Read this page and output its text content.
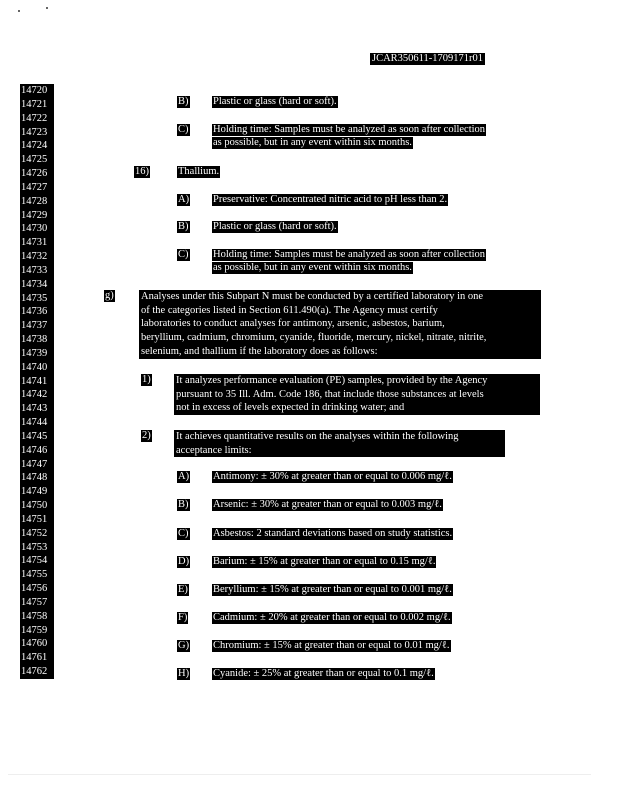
JCAR350611-1709171r01
14720
14721
14722
14723
14724
14725
14726
14727
14728
14729
14730
14731
14732
14733
14734
14735
14736
14737
14738
14739
14740
14741
14742
14743
14744
14745
14746
14747
14748
14749
14750
14751
14752
14753
14754
14755
14756
14757
14758
14759
14760
14761
14762
B) Plastic or glass (hard or soft).
C) Holding time: Samples must be analyzed as soon after collection
as possible, but in any event within six months.
16)	Thallium.
A) Preservative: Concentrated nitric acid to pH less than 2.
B) Plastic or glass (hard or soft).
C) Holding time: Samples must be analyzed as soon after collection
as possible, but in any event within six months.
g)	Analyses under this Subpart N must be conducted by a certified laboratory in one
of the categories listed in Section 611.490(a). The Agency must certify
laboratories to conduct analyses for antimony, arsenic, asbestos, barium,
beryllium, cadmium, chromium, cyanide, fluoride, mercury, nickel, nitrate, nitrite,
selenium, and thallium if the laboratory does as follows:
1) It analyzes performance evaluation (PE) samples, provided by the Agency
pursuant to 35 Ill. Adm. Code 186, that include those substances at levels
not in excess of levels expected in drinking water; and
2) It achieves quantitative results on the analyses within the following
acceptance limits:
A) Antimony: ± 30% at greater than or equal to 0.006 mg/ℓ.
B) Arsenic: ± 30% at greater than or equal to 0.003 mg/ℓ.
C) Asbestos: 2 standard deviations based on study statistics.
D) Barium: ± 15% at greater than or equal to 0.15 mg/ℓ.
E) Beryllium: ± 15% at greater than or equal to 0.001 mg/ℓ.
F) Cadmium: ± 20% at greater than or equal to 0.002 mg/ℓ.
G) Chromium: ± 15% at greater than or equal to 0.01 mg/ℓ.
H) Cyanide: ± 25% at greater than or equal to 0.1 mg/ℓ.
